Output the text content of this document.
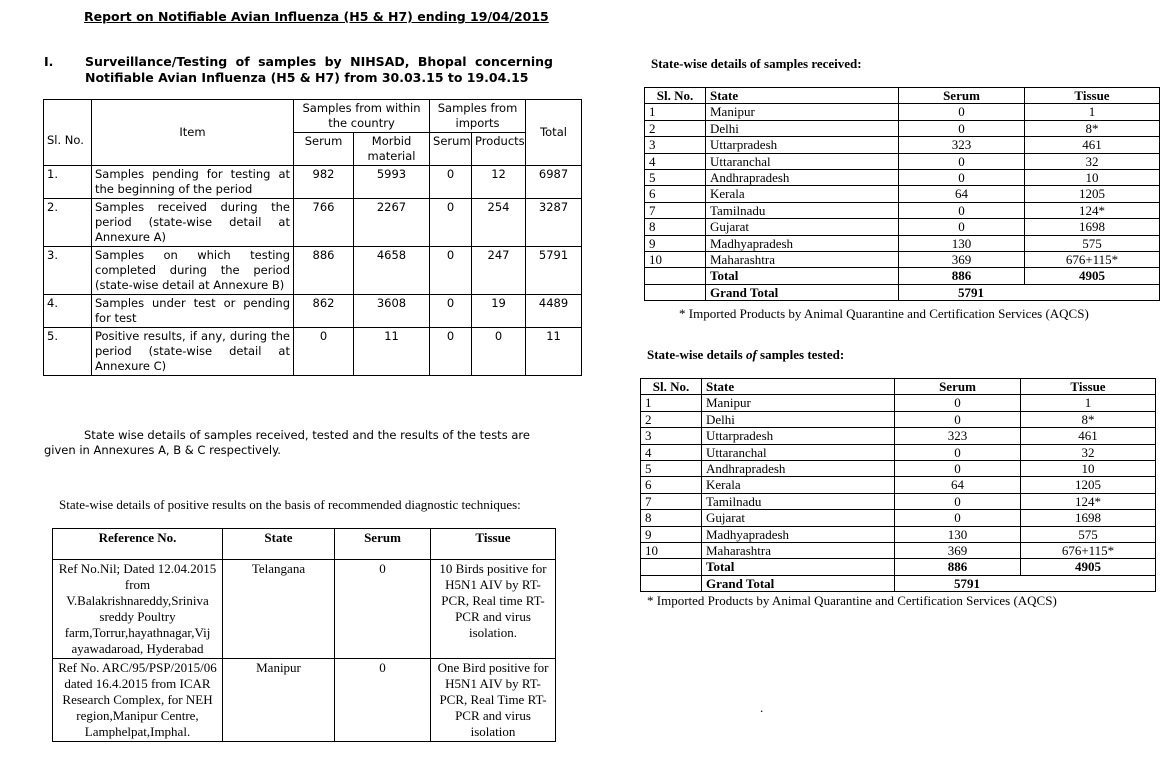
Report on Notifiable Avian Influenza (H5 & H7) ending 19/04/2015
I.	Surveillance/Testing of samples by NIHSAD, Bhopal concerning Notifiable Avian Influenza (H5 & H7) from 30.03.15 to 19.04.15
Sl. No.	Item	Samples from within the country		Samples from imports		Total
		Serum	Morbid material	Serum	Products	
1.	Samples pending for testing at the beginning of the period	982	5993	0	12	6987
2.	Samples received during the period (state-wise detail at Annexure A)	766	2267	0	254	3287
3.	Samples on which testing completed during the period (state-wise detail at Annexure B)	886	4658	0	247	5791
4.	Samples under test or pending for test	862	3608	0	19	4489
5.	Positive results, if any, during the period (state-wise detail at Annexure C)	0	11	0	0	11
State wise details of samples received, tested and the results of the tests are given in Annexures A, B & C respectively.
State-wise details of positive results on the basis of recommended diagnostic techniques:
Reference No.	State	Serum	Tissue
Ref No.Nil; Dated 12.04.2015 from V.Balakrishnareddy,Sriniva sreddy Poultry farm,Torrur,hayathnagar,Vij ayawadaroad, Hyderabad	Telangana	0	10 Birds positive for H5N1 AIV by RT-PCR, Real time RT-PCR and virus isolation.
Ref No. ARC/95/PSP/2015/06 dated 16.4.2015 from ICAR Research Complex, for NEH region,Manipur Centre, Lamphelpat,Imphal.	Manipur	0	One Bird positive for H5N1 AIV by RT-PCR, Real Time RT-PCR and virus isolation
State-wise details of samples received:
Sl. No.	State	Serum	Tissue
1	Manipur	0	1
2	Delhi	0	8*
3	Uttarpradesh	323	461
4	Uttaranchal	0	32
5	Andhrapradesh	0	10
6	Kerala	64	1205
7	Tamilnadu	0	124*
8	Gujarat	0	1698
9	Madhyapradesh	130	575
10	Maharashtra	369	676+115*
	Total	886	4905
	Grand Total	5791	
* Imported Products by Animal Quarantine and Certification Services (AQCS)
State-wise details of samples tested:
Sl. No.	State	Serum	Tissue
1	Manipur	0	1
2	Delhi	0	8*
3	Uttarpradesh	323	461
4	Uttaranchal	0	32
5	Andhrapradesh	0	10
6	Kerala	64	1205
7	Tamilnadu	0	124*
8	Gujarat	0	1698
9	Madhyapradesh	130	575
10	Maharashtra	369	676+115*
	Total	886	4905
	Grand Total	5791	
* Imported Products by Animal Quarantine and Certification Services (AQCS)
.
